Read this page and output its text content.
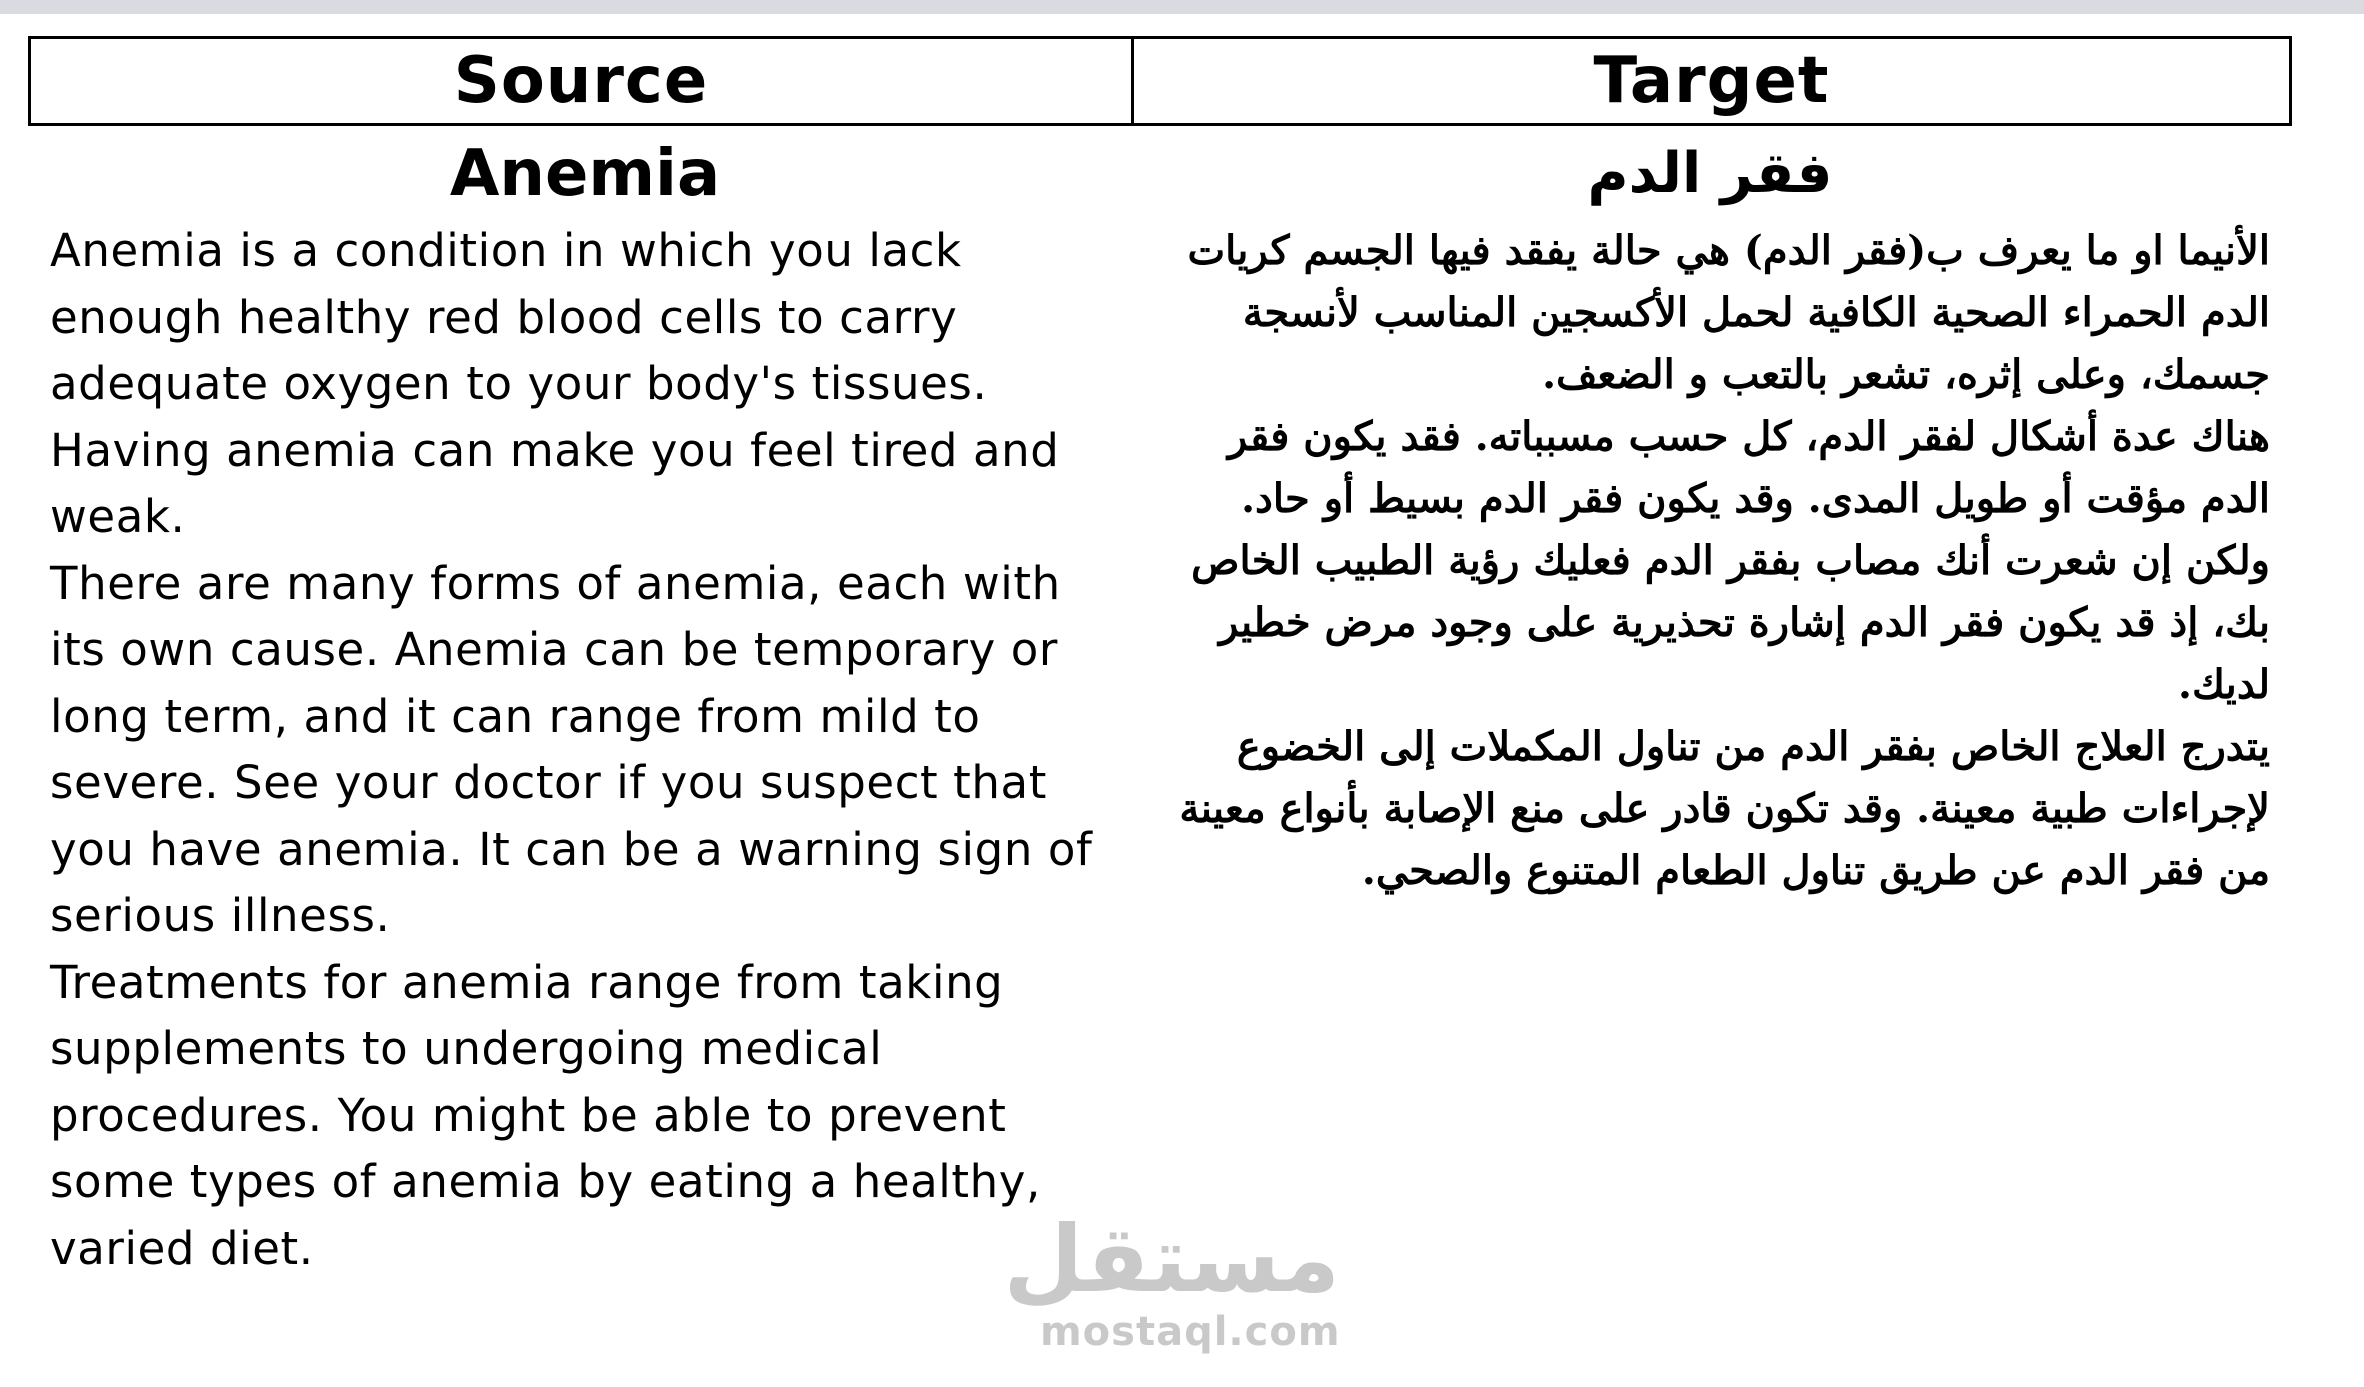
Source	Target
Anemia

Anemia is a condition in which you lack enough healthy red blood cells to carry adequate oxygen to your body's tissues. Having anemia can make you feel tired and weak.

There are many forms of anemia, each with its own cause. Anemia can be temporary or long term, and it can range from mild to severe. See your doctor if you suspect that you have anemia. It can be a warning sign of serious illness.

Treatments for anemia range from taking supplements to undergoing medical procedures. You might be able to prevent some types of anemia by eating a healthy, varied diet.

فقر الدم

الأنيما او ما يعرف ب(فقر الدم) هي حالة يفقد فيها الجسم كريات الدم الحمراء الصحية الكافية لحمل الأكسجين المناسب لأنسجة جسمك، وعلى إثره، تشعر بالتعب و الضعف.

هناك عدة أشكال لفقر الدم، كل حسب مسبباته. فقد يكون فقر الدم مؤقت أو طويل المدى. وقد يكون فقر الدم بسيط أو حاد. ولكن إن شعرت أنك مصاب بفقر الدم فعليك رؤية الطبيب الخاص بك، إذ قد يكون فقر الدم إشارة تحذيرية على وجود مرض خطير لديك.

يتدرج العلاج الخاص بفقر الدم من تناول المكملات إلى الخضوع لإجراءات طبية معينة. وقد تكون قادر على منع الإصابة بأنواع معينة من فقر الدم عن طريق تناول الطعام المتنوع والصحي.

مستقل
mostaql.com
